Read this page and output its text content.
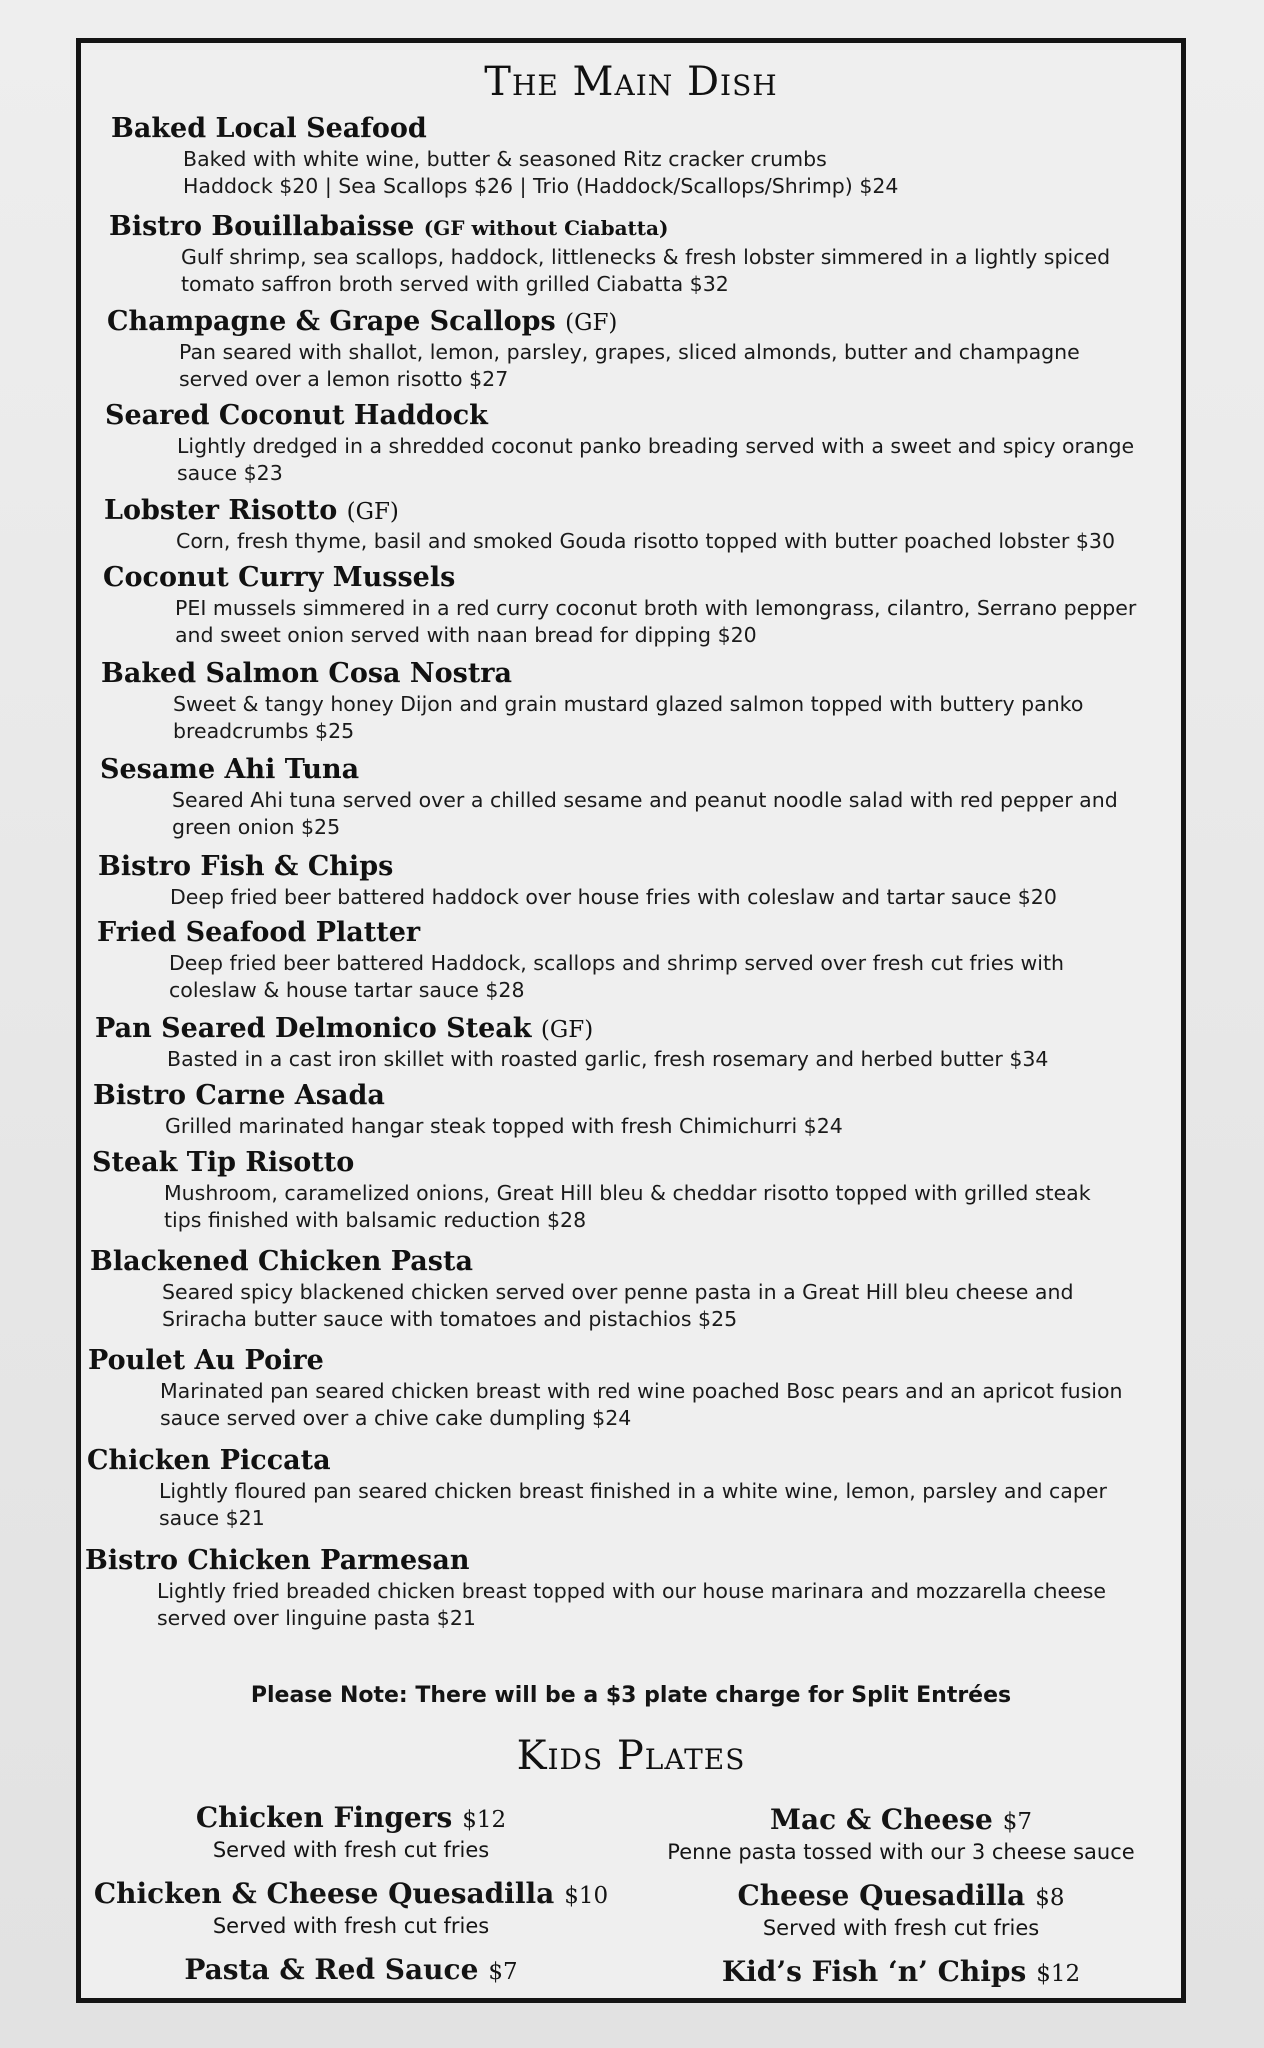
The Main Dish
Baked Local Seafood
Baked with white wine, butter & seasoned Ritz cracker crumbs
Haddock $20 | Sea Scallops $26 | Trio (Haddock/Scallops/Shrimp) $24
Bistro Bouillabaisse (GF without Ciabatta)
Gulf shrimp, sea scallops, haddock, littlenecks & fresh lobster simmered in a lightly spiced tomato saffron broth served with grilled Ciabatta $32
Champagne & Grape Scallops (GF)
Pan seared with shallot, lemon, parsley, grapes, sliced almonds, butter and champagne served over a lemon risotto $27
Seared Coconut Haddock
Lightly dredged in a shredded coconut panko breading served with a sweet and spicy orange sauce $23
Lobster Risotto (GF)
Corn, fresh thyme, basil and smoked Gouda risotto topped with butter poached lobster $30
Coconut Curry Mussels
PEI mussels simmered in a red curry coconut broth with lemongrass, cilantro, Serrano pepper and sweet onion served with naan bread for dipping $20
Baked Salmon Cosa Nostra
Sweet & tangy honey Dijon and grain mustard glazed salmon topped with buttery panko breadcrumbs $25
Sesame Ahi Tuna
Seared Ahi tuna served over a chilled sesame and peanut noodle salad with red pepper and green onion $25
Bistro Fish & Chips
Deep fried beer battered haddock over house fries with coleslaw and tartar sauce $20
Fried Seafood Platter
Deep fried beer battered Haddock, scallops and shrimp served over fresh cut fries with coleslaw & house tartar sauce $28
Pan Seared Delmonico Steak (GF)
Basted in a cast iron skillet with roasted garlic, fresh rosemary and herbed butter $34
Bistro Carne Asada
Grilled marinated hangar steak topped with fresh Chimichurri $24
Steak Tip Risotto
Mushroom, caramelized onions, Great Hill bleu & cheddar risotto topped with grilled steak tips finished with balsamic reduction $28
Blackened Chicken Pasta
Seared spicy blackened chicken served over penne pasta in a Great Hill bleu cheese and Sriracha butter sauce with tomatoes and pistachios $25
Poulet Au Poire
Marinated pan seared chicken breast with red wine poached Bosc pears and an apricot fusion sauce served over a chive cake dumpling $24
Chicken Piccata
Lightly floured pan seared chicken breast finished in a white wine, lemon, parsley and caper sauce $21
Bistro Chicken Parmesan
Lightly fried breaded chicken breast topped with our house marinara and mozzarella cheese served over linguine pasta $21
Please Note: There will be a $3 plate charge for Split Entrées
Kids Plates
Chicken Fingers $12
Served with fresh cut fries
Mac & Cheese $7
Penne pasta tossed with our 3 cheese sauce
Chicken & Cheese Quesadilla $10
Served with fresh cut fries
Cheese Quesadilla $8
Served with fresh cut fries
Pasta & Red Sauce $7	Kid’s Fish ‘n’ Chips $12
